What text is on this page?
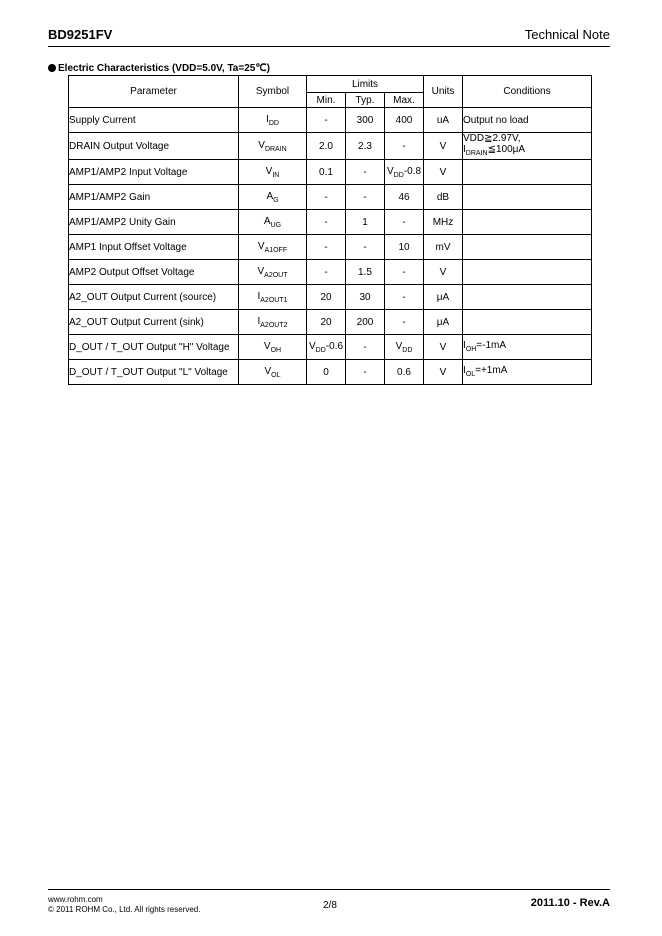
BD9251FV	Technical Note
Electric Characteristics (VDD=5.0V, Ta=25℃)
Parameter	Symbol	Limits			Units	Conditions
		Min.	Typ.	Max.		
Supply Current	$I_{DD}$	-	300	400	uA	Output no load
DRAIN Output Voltage	$V_{DRAIN}$	2.0	2.3	-	V	VDD≧2.97V,
$I_{DRAIN}≦100\mu A$
AMP1/AMP2 Input Voltage	$V_{IN}$	0.1	-	$V_{DD}-0.8$	V	
AMP1/AMP2 Gain	$A_G$	-	-	46	dB	
AMP1/AMP2 Unity Gain	$A_{UG}$	-	1	-	MHz	
AMP1 Input Offset Voltage	$V_{A1OFF}$	-	-	10	mV	
AMP2 Output Offset Voltage	$V_{A2OUT}$	-	1.5	-	V	
A2_OUT Output Current (source)	$I_{A2OUT1}$	20	30	-	μA	
A2_OUT Output Current (sink)	$I_{A2OUT2}$	20	200	-	μA	
D_OUT / T_OUT Output "H" Voltage	$V_{OH}$	$V_{DD}-0.6$	-	$V_{DD}$	V	$I_{OH}=-1mA$
D_OUT / T_OUT Output "L" Voltage	$V_{OL}$	0	-	0.6	V	$I_{OL}=+1mA$
www.rohm.com
© 2011 ROHM Co., Ltd. All rights reserved.	2/8	2011.10 - Rev.A
